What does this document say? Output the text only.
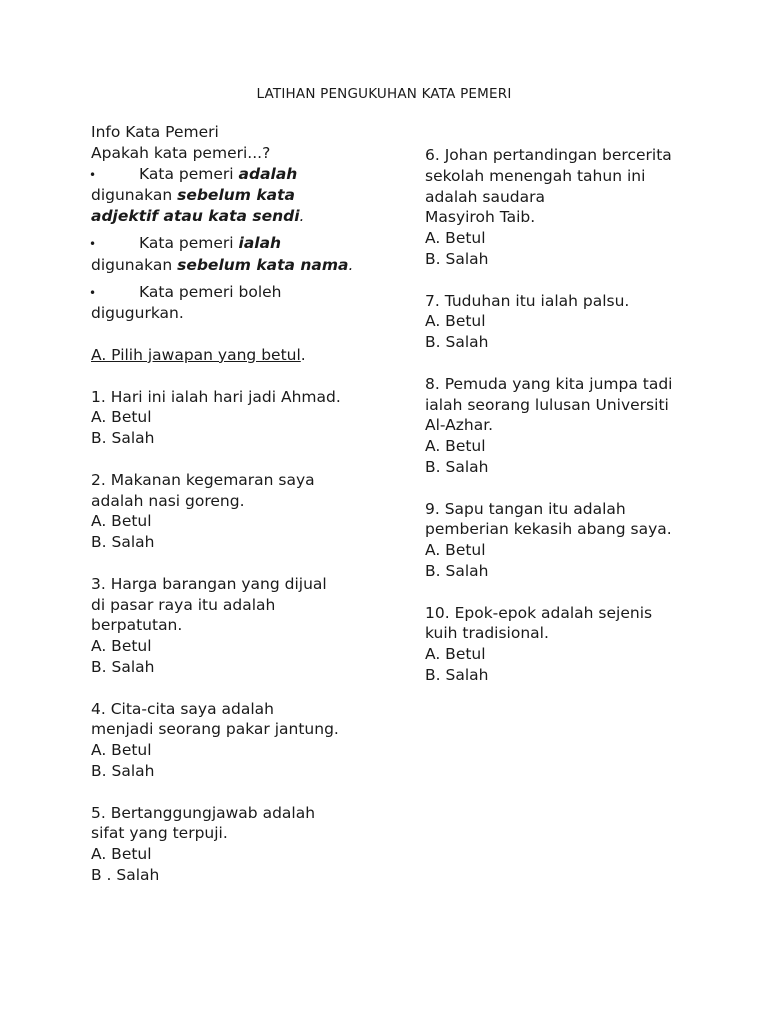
LATIHAN PENGUKUHAN KATA PEMERI
Info Kata Pemeri
Apakah kata pemeri...?
•	Kata pemeri adalah
digunakan sebelum kata
adjektif atau kata sendi.
•	Kata pemeri ialah
digunakan sebelum kata nama.
•	Kata pemeri boleh
digugurkan.
A. Pilih jawapan yang betul.
1. Hari ini ialah hari jadi Ahmad.
A. Betul
B. Salah
2. Makanan kegemaran saya
adalah nasi goreng.
A. Betul
B. Salah
3. Harga barangan yang dijual
di pasar raya itu adalah
berpatutan.
A. Betul
B. Salah
4. Cita-cita saya adalah
menjadi seorang pakar jantung.
A. Betul
B. Salah
5. Bertanggungjawab adalah
sifat yang terpuji.
A. Betul
B . Salah
6. Johan pertandingan bercerita
sekolah menengah tahun ini
adalah saudara
Masyiroh Taib.
A. Betul
B. Salah
7. Tuduhan itu ialah palsu.
A. Betul
B. Salah
8. Pemuda yang kita jumpa tadi
ialah seorang lulusan Universiti
Al-Azhar.
A. Betul
B. Salah
9. Sapu tangan itu adalah
pemberian kekasih abang saya.
A. Betul
B. Salah
10. Epok-epok adalah sejenis
kuih tradisional.
A. Betul
B. Salah
